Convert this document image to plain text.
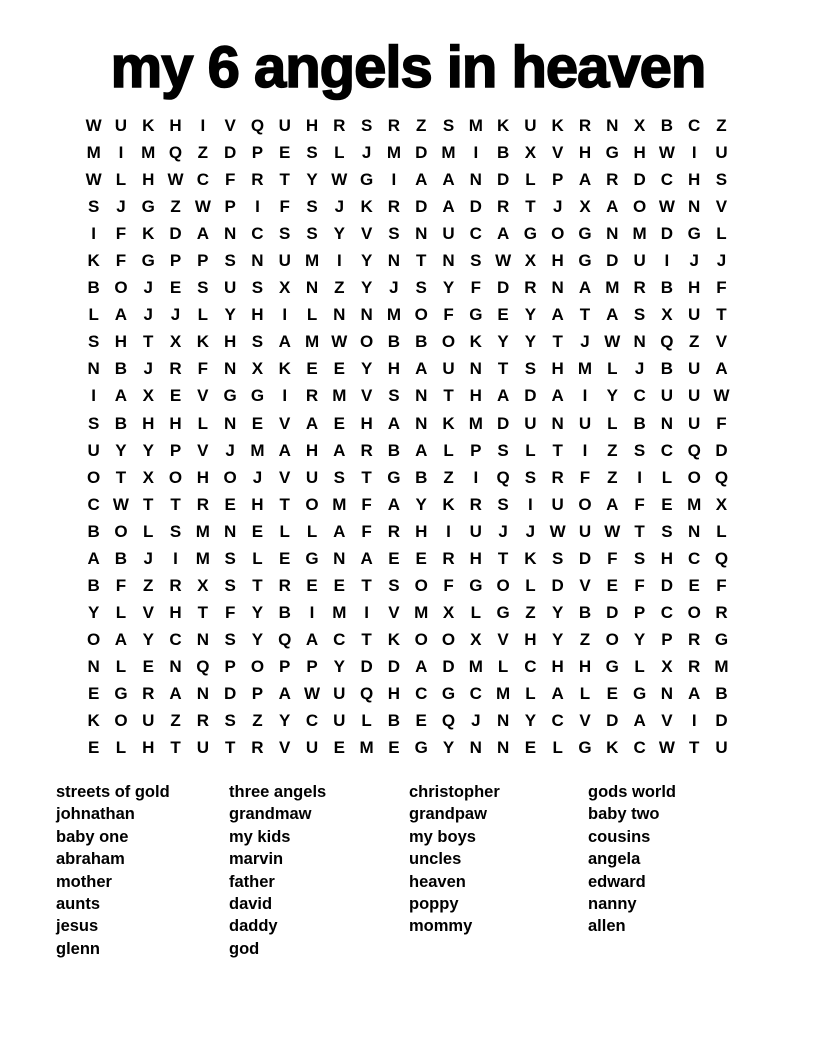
my 6 angels in heaven
W U K H	I	V Q U H R S R Z S M K U K R N X B C Z
M	I	M Q Z D P E S L	J M D M	I	B X V H G H W I	U
W L H W C F R T Y W G	I	A A N D L P A R D C H S
S J G Z W P	I	F S J K R D A D R T	J X A O W N V
I	F K D A N C S S Y V S N U C A G O G N M D G L
K F G P P S N U M	I	Y N T N S W X H G D U	I	J	J
B O J E S U S X N Z Y J S Y F D R N A M R B H F
L A J	J	L Y H	I	L N N M O F G E Y A T A S X U T
S H T X K H S A M W O B B O K Y Y T	J W N Q Z V
N B J R F N X K E E Y H A U N T S H M L	J B U A
I	A X E V G G	I	R M V S N T H A D A	I	Y C U U W
S B H H L N E V A E H A N K M D U N U L B N U F
U Y Y P V J M A H A R B A L P S L T	I	Z S C Q D
O T X O H O J V U S T G B Z	I	Q S R F Z	I	L O Q
C W T T R E H T O M F A Y K R S	I	U O A F E M X
B O L S M N E L L A F R H	I	U J	J W U W T S N L
A B J	I	M S L E G N A E E R H T K S D F S H C Q
B F Z R X S T R E E T S O F G O L D V E F D E F
Y L V H T F Y B	I	M	I	V M X L G Z Y B D P C O R
O A Y C N S Y Q A C T K O O X V H Y Z O Y P R G
N L E N Q P O P P Y D D A D M L C H H G L X R M
E G R A N D P A W U Q H C G C M L A L E G N A B
K O U Z R S Z Y C U L B E Q J N Y C V D A V	I	D
E L H T U T R V U E M E G Y N N E L G K C W T U
streets of gold
johnathan
baby one
abraham
mother
aunts
jesus
glenn
three angels
grandmaw
my kids
marvin
father
david
daddy
god
christopher
grandpaw
my boys
uncles
heaven
poppy
mommy
gods world
baby two
cousins
angela
edward
nanny
allen
